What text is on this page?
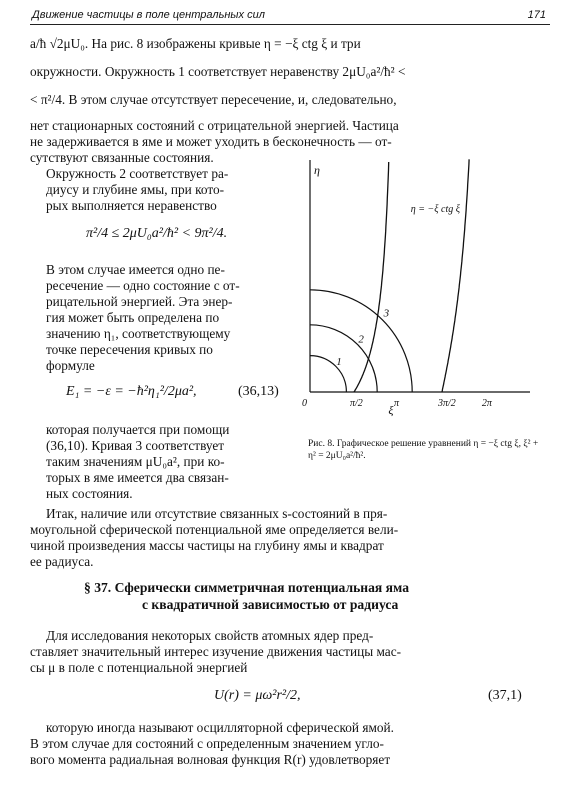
Движение частицы в поле центральных сил	171
a/ħ √2μU₀. На рис. 8 изображены кривые η = −ξ ctg ξ и три
окружности. Окружность 1 соответствует неравенству 2μU₀a²/ħ² <
< π²/4. В этом случае отсутствует пересечение, и, следовательно,
нет стационарных состояний с отрицательной энергией. Частица
не задерживается в яме и может уходить в бесконечность — от-
сутствуют связанные состояния.
Окружность 2 соответствует ра-
диусу и глубине ямы, при кото-
рых выполняется неравенство
π²/4 ≤ 2μU₀a²/ħ² < 9π²/4.
В этом случае имеется одно пе-
ресечение — одно состояние с от-
рицательной энергией. Эта энер-
гия может быть определена по
значению η₁, соответствующему
точке пересечения кривых по
формуле
E₁ = −ε = −ħ²η₁²/2μa²,	(36,13)
которая получается при помощи
(36,10). Кривая 3 соответствует
таким значениям μU₀a², при ко-
торых в яме имеется два связан-
ных состояния.
η
ξ
0	π/2	π	3π/2	2π
η = −ξ ctg ξ
1
2
3
Рис. 8. Графическое решение уравнений η = −ξ ctg ξ, ξ² + η² = 2μU₀a²/ħ².
Итак, наличие или отсутствие связанных s-состояний в пря-
моугольной сферической потенциальной яме определяется вели-
чиной произведения массы частицы на глубину ямы и квадрат
ее радиуса.
§ 37. Сферически симметричная потенциальная яма
с квадратичной зависимостью от радиуса
Для исследования некоторых свойств атомных ядер пред-
ставляет значительный интерес изучение движения частицы мас-
сы μ в поле с потенциальной энергией
U(r) = μω²r²/2,	(37,1)
которую иногда называют осцилляторной сферической ямой.
В этом случае для состояний с определенным значением угло-
вого момента радиальная волновая функция R(r) удовлетворяет
